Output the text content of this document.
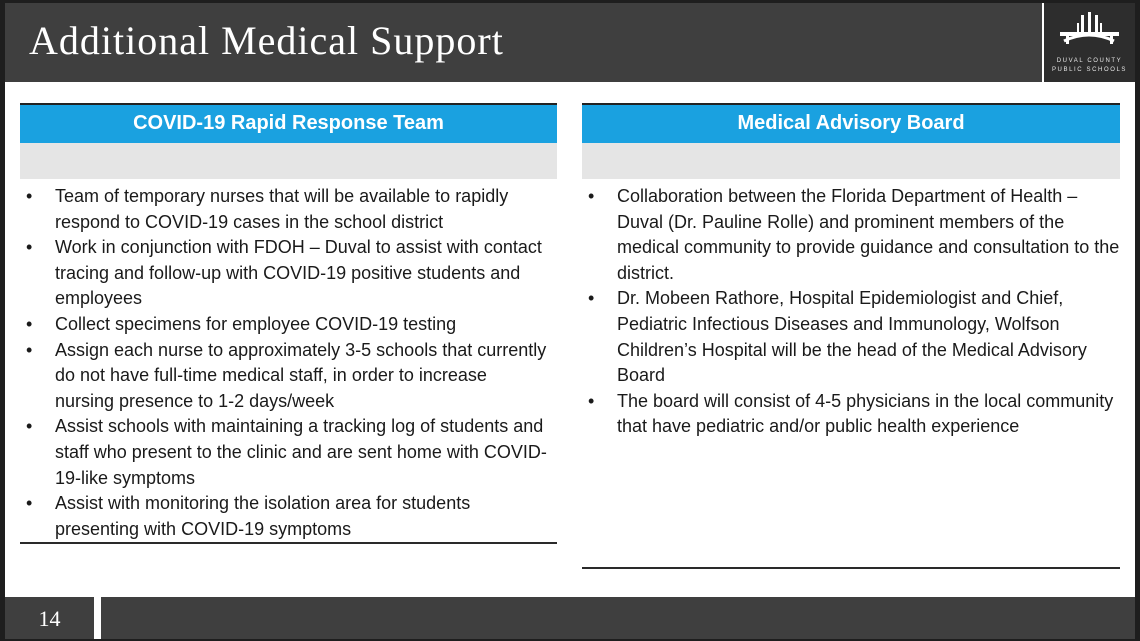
Additional Medical Support	DUVAL COUNTY
PUBLIC SCHOOLS
COVID-19 Rapid Response Team
• Team of temporary nurses that will be available to rapidly respond to COVID-19 cases in the school district
• Work in conjunction with FDOH – Duval to assist with contact tracing and follow-up with COVID-19 positive students and employees
• Collect specimens for employee COVID-19 testing
• Assign each nurse to approximately 3-5 schools that currently do not have full-time medical staff, in order to increase nursing presence to 1-2 days/week
• Assist schools with maintaining a tracking log of students and staff who present to the clinic and are sent home with COVID-19-like symptoms
• Assist with monitoring the isolation area for students presenting with COVID-19 symptoms
Medical Advisory Board
• Collaboration between the Florida Department of Health – Duval (Dr. Pauline Rolle) and prominent members of the medical community to provide guidance and consultation to the district.
• Dr. Mobeen Rathore, Hospital Epidemiologist and Chief, Pediatric Infectious Diseases and Immunology, Wolfson Children’s Hospital will be the head of the Medical Advisory Board
• The board will consist of 4-5 physicians in the local community that have pediatric and/or public health experience
14
